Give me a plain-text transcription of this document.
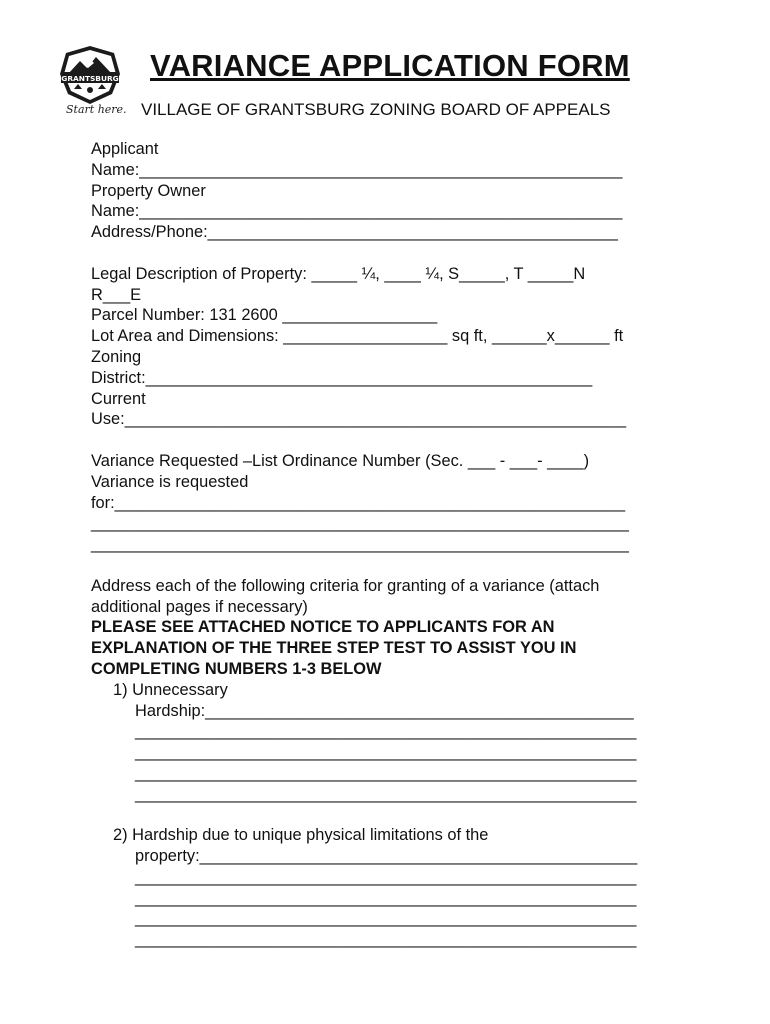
GRANTSBURG
Start here.
VARIANCE APPLICATION FORM
VILLAGE OF GRANTSBURG ZONING BOARD OF APPEALS
Applicant
Name:_____________________________________________________
Property Owner
Name:_____________________________________________________
Address/Phone:_____________________________________________
Legal Description of Property: _____ ¼, ____ ¼, S_____, T _____N
R___E
Parcel Number: 131 2600 _________________
Lot Area and Dimensions: __________________ sq ft, ______x______ ft
Zoning
District:_________________________________________________
Current
Use:_______________________________________________________
Variance Requested –List Ordinance Number (Sec. ___ - ___- ____)
Variance is requested
for:________________________________________________________
___________________________________________________________
___________________________________________________________
Address each of the following criteria for granting of a variance (attach
additional pages if necessary)
PLEASE SEE ATTACHED NOTICE TO APPLICANTS FOR AN
EXPLANATION OF THE THREE STEP TEST TO ASSIST YOU IN
COMPLETING NUMBERS 1-3 BELOW
1) Unnecessary
Hardship:_______________________________________________
_______________________________________________________
_______________________________________________________
_______________________________________________________
_______________________________________________________
2) Hardship due to unique physical limitations of the
property:________________________________________________
_______________________________________________________
_______________________________________________________
_______________________________________________________
_______________________________________________________
